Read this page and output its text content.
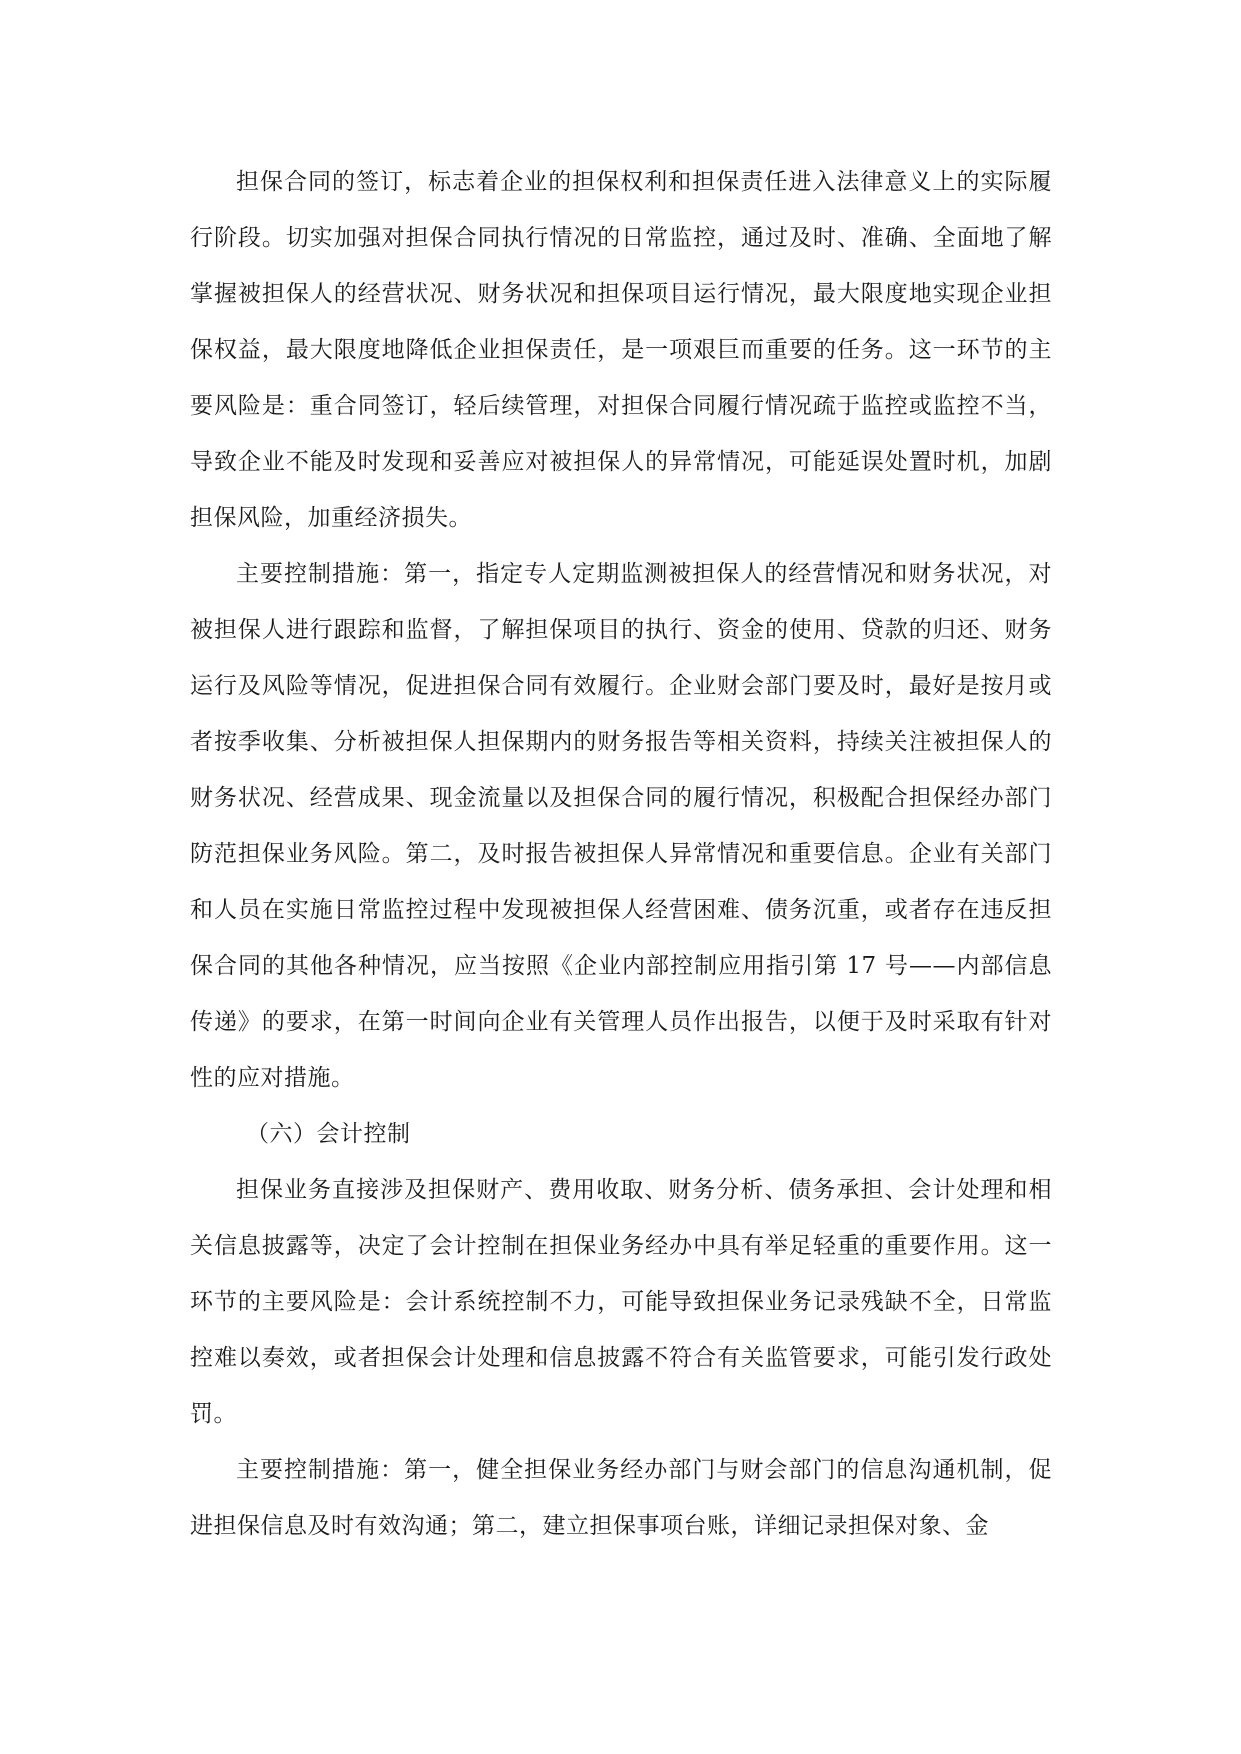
担保合同的签订，标志着企业的担保权利和担保责任进入法律意义上的实际履行阶段。切实加强对担保合同执行情况的日常监控，通过及时、准确、全面地了解掌握被担保人的经营状况、财务状况和担保项目运行情况，最大限度地实现企业担保权益，最大限度地降低企业担保责任，是一项艰巨而重要的任务。这一环节的主要风险是：重合同签订，轻后续管理，对担保合同履行情况疏于监控或监控不当，导致企业不能及时发现和妥善应对被担保人的异常情况，可能延误处置时机，加剧担保风险，加重经济损失。

主要控制措施：第一，指定专人定期监测被担保人的经营情况和财务状况，对被担保人进行跟踪和监督，了解担保项目的执行、资金的使用、贷款的归还、财务运行及风险等情况，促进担保合同有效履行。企业财会部门要及时，最好是按月或者按季收集、分析被担保人担保期内的财务报告等相关资料，持续关注被担保人的财务状况、经营成果、现金流量以及担保合同的履行情况，积极配合担保经办部门防范担保业务风险。第二，及时报告被担保人异常情况和重要信息。企业有关部门和人员在实施日常监控过程中发现被担保人经营困难、债务沉重，或者存在违反担保合同的其他各种情况，应当按照《企业内部控制应用指引第 17 号——内部信息传递》的要求，在第一时间向企业有关管理人员作出报告，以便于及时采取有针对性的应对措施。

（六）会计控制

担保业务直接涉及担保财产、费用收取、财务分析、债务承担、会计处理和相关信息披露等，决定了会计控制在担保业务经办中具有举足轻重的重要作用。这一环节的主要风险是：会计系统控制不力，可能导致担保业务记录残缺不全，日常监控难以奏效，或者担保会计处理和信息披露不符合有关监管要求，可能引发行政处罚。

主要控制措施：第一，健全担保业务经办部门与财会部门的信息沟通机制，促进担保信息及时有效沟通；第二，建立担保事项台账，详细记录担保对象、金
